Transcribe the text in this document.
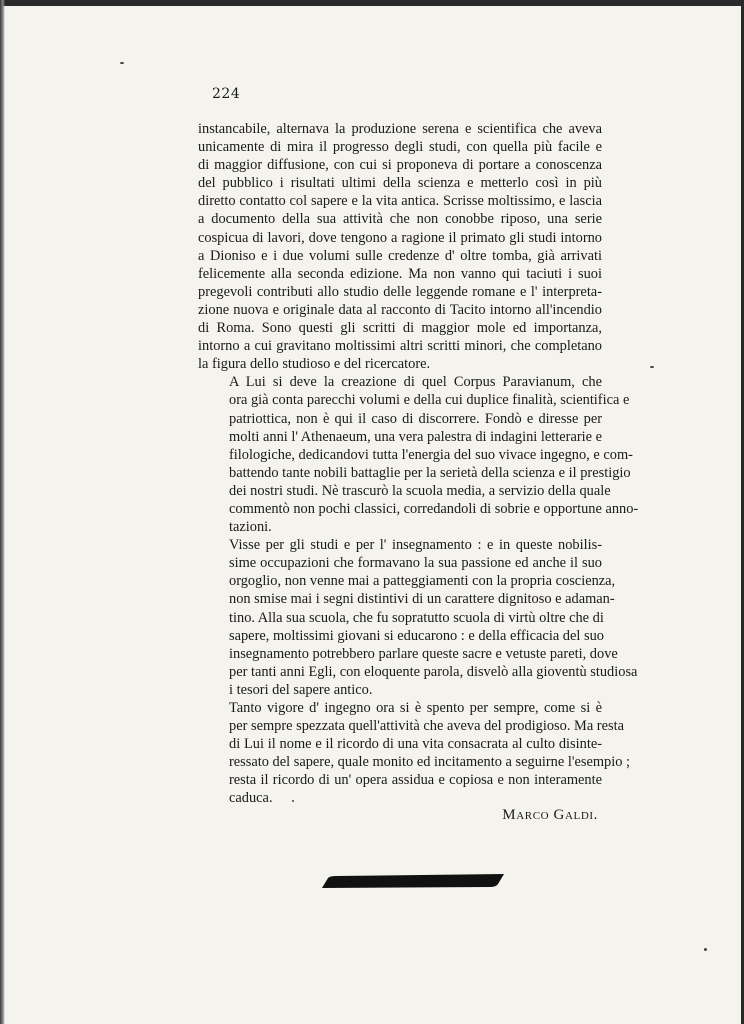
224

instancabile, alternava la produzione serena e scientifica che aveva
unicamente di mira il progresso degli studi, con quella più facile e
di maggior diffusione, con cui si proponeva di portare a conoscenza
del pubblico i risultati ultimi della scienza e metterlo così in più
diretto contatto col sapere e la vita antica. Scrisse moltissimo, e lascia
a documento della sua attività che non conobbe riposo, una serie
cospicua di lavori, dove tengono a ragione il primato gli studi intorno
a Dioniso e i due volumi sulle credenze d' oltre tomba, già arrivati
felicemente alla seconda edizione. Ma non vanno qui taciuti i suoi
pregevoli contributi allo studio delle leggende romane e l' interpreta-
zione nuova e originale data al racconto di Tacito intorno all'incendio
di Roma. Sono questi gli scritti di maggior mole ed importanza,
intorno a cui gravitano moltissimi altri scritti minori, che completano
la figura dello studioso e del ricercatore.

A Lui si deve la creazione di quel Corpus Paravianum, che
ora già conta parecchi volumi e della cui duplice finalità, scientifica e
patriottica, non è qui il caso di discorrere. Fondò e diresse per
molti anni l' Athenaeum, una vera palestra di indagini letterarie e
filologiche, dedicandovi tutta l'energia del suo vivace ingegno, e com-
battendo tante nobili battaglie per la serietà della scienza e il prestigio
dei nostri studi. Nè trascurò la scuola media, a servizio della quale
commentò non pochi classici, corredandoli di sobrie e opportune anno-
tazioni.

Visse per gli studi e per l' insegnamento : e in queste nobilis-
sime occupazioni che formavano la sua passione ed anche il suo
orgoglio, non venne mai a patteggiamenti con la propria coscienza,
non smise mai i segni distintivi di un carattere dignitoso e adaman-
tino. Alla sua scuola, che fu sopratutto scuola di virtù oltre che di
sapere, moltissimi giovani si educarono : e della efficacia del suo
insegnamento potrebbero parlare queste sacre e vetuste pareti, dove
per tanti anni Egli, con eloquente parola, disvelò alla gioventù studiosa
i tesori del sapere antico.

Tanto vigore d' ingegno ora si è spento per sempre, come si è
per sempre spezzata quell'attività che aveva del prodigioso. Ma resta
di Lui il nome e il ricordo di una vita consacrata al culto disinte-
ressato del sapere, quale monito ed incitamento a seguirne l'esempio ;
resta il ricordo di un' opera assidua e copiosa e non interamente
caduca.

Marco Galdi.
